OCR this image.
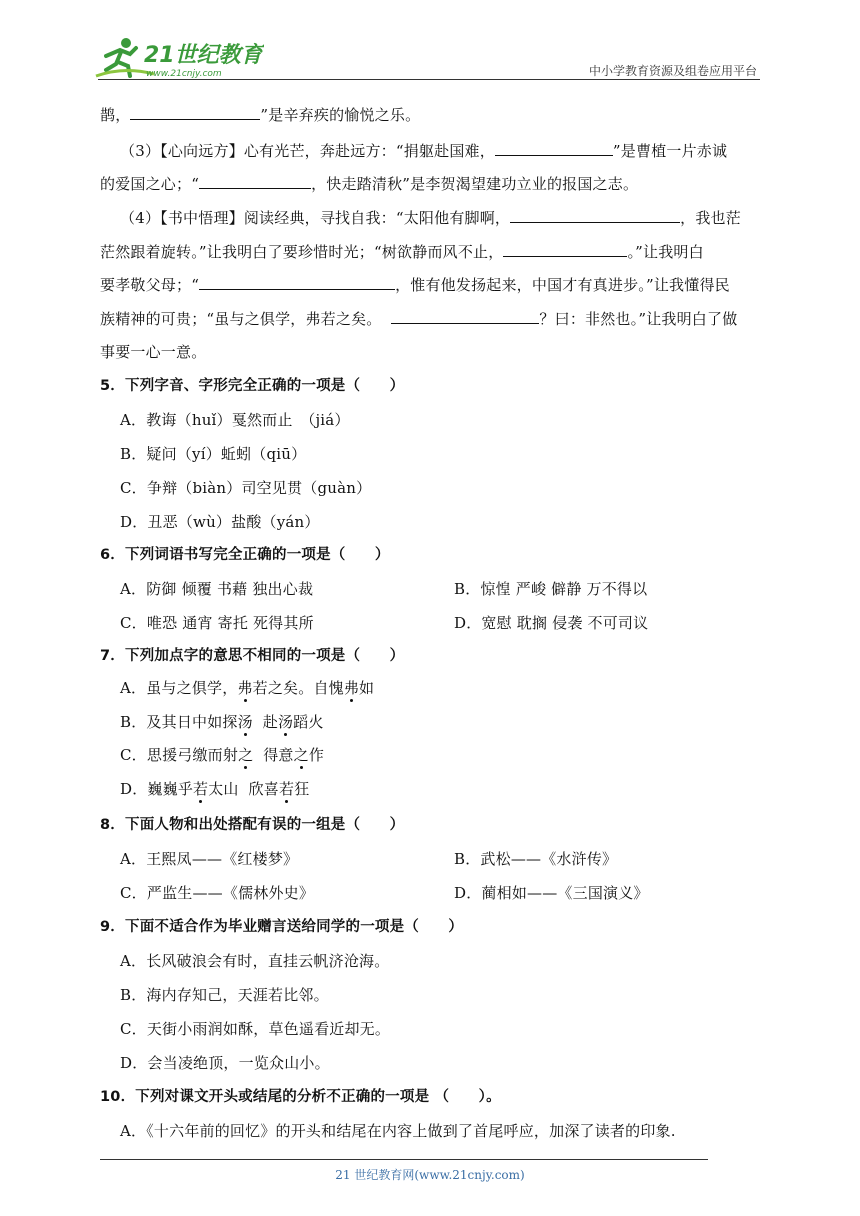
21世纪教育
www.21cnjy.com	中小学教育资源及组卷应用平台
鹊，	”是辛弃疾的愉悦之乐。
（3）【心向远方】心有光芒，奔赴远方：“捐躯赴国难，	”是曹植一片赤诚
的爱国之心；“	，快走踏清秋”是李贺渴望建功立业的报国之志。
（4）【书中悟理】阅读经典，寻找自我：“太阳他有脚啊，	，我也茫
茫然跟着旋转。”让我明白了要珍惜时光；“树欲静而风不止，	。”让我明白
要孝敬父母；“	，惟有他发扬起来，中国才有真进步。”让我懂得民
族精神的可贵；“虽与之俱学，弗若之矣。	？曰：非然也。”让我明白了做
事要一心一意。
5．下列字音、字形完全正确的一项是（　　）
A．教诲（huǐ）戛然而止　（jiá）
B．疑问（yí）蚯蚓（qiū）
C．争辩（biàn）司空见贯（guàn）
D．丑恶（wù）盐酸（yán）
6．下列词语书写完全正确的一项是（　　）
A．防御 倾覆 书藉 独出心裁	B．惊惶 严峻 僻静 万不得以
C．唯恐 通宵 寄托 死得其所	D．宽慰 耽搁 侵袭 不可司议
7．下列加点字的意思不相同的一项是（　　）
A．虽与之俱学，弗若之矣。自愧弗如
B．及其日中如探汤  赴汤蹈火
C．思援弓缴而射之  得意之作
D．巍巍乎若太山  欣喜若狂
8．下面人物和出处搭配有误的一组是（　　）
A．王熙凤——《红楼梦》	B．武松——《水浒传》
C．严监生——《儒林外史》	D．蔺相如——《三国演义》
9．下面不适合作为毕业赠言送给同学的一项是（　　）
A．长风破浪会有时，直挂云帆济沧海。
B．海内存知己，天涯若比邻。
C．天街小雨润如酥，草色遥看近却无。
D．会当凌绝顶，一览众山小。
10．下列对课文开头或结尾的分析不正确的一项是 （　　）。
A．《十六年前的回忆》的开头和结尾在内容上做到了首尾呼应，加深了读者的印象.
21 世纪教育网(www.21cnjy.com)
